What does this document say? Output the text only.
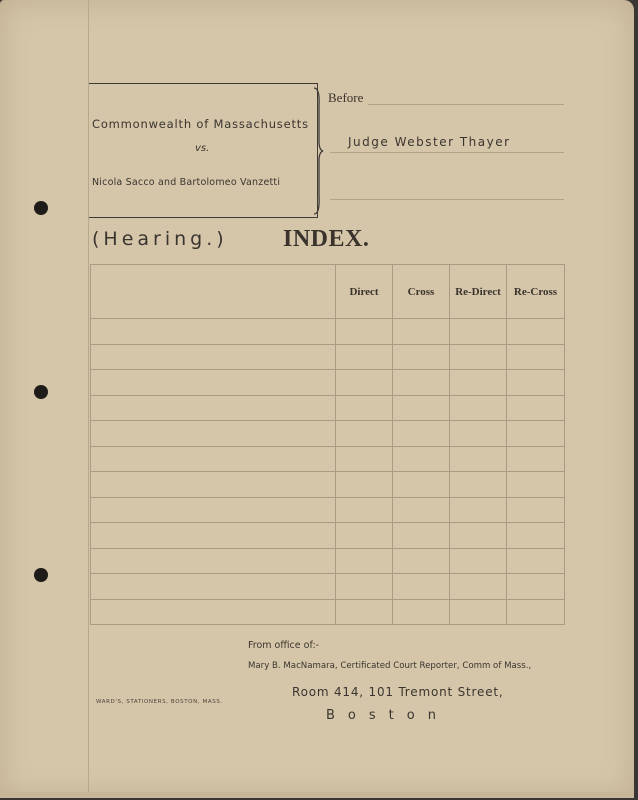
Commonwealth of Massachusetts
vs.
Nicola Sacco and Bartolomeo Vanzetti
Before
Judge Webster Thayer
(Hearing.) INDEX.
	Direct	Cross	Re-Direct	Re-Cross

From office of:-
Mary B. MacNamara, Certificated Court Reporter, Comm of Mass.,
Room 414, 101 Tremont Street,
Boston
WARD'S, STATIONERS, BOSTON, MASS.
